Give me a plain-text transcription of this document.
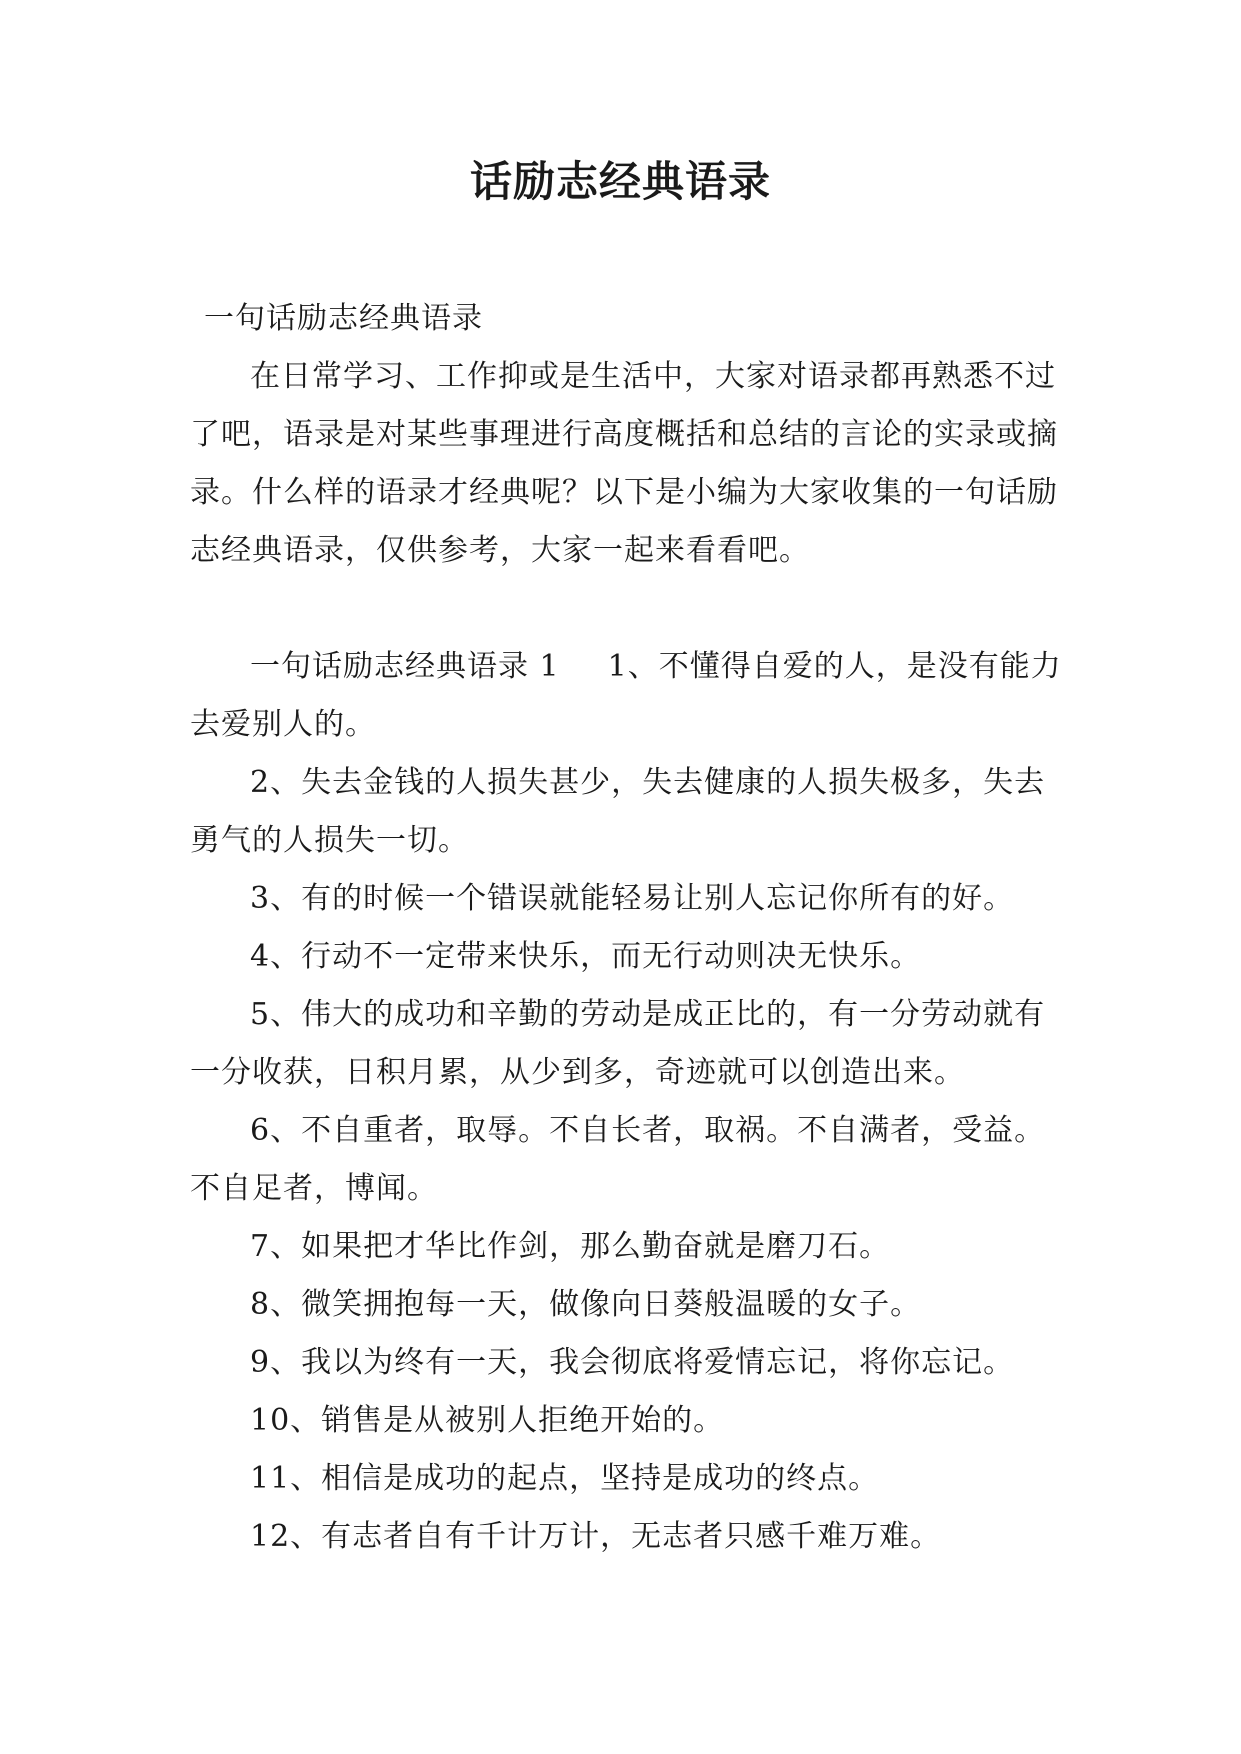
话励志经典语录

一句话励志经典语录

在日常学习、工作抑或是生活中，大家对语录都再熟悉不过了吧，语录是对某些事理进行高度概括和总结的言论的实录或摘录。什么样的语录才经典呢？以下是小编为大家收集的一句话励志经典语录，仅供参考，大家一起来看看吧。

一句话励志经典语录 1 1、不懂得自爱的人，是没有能力去爱别人的。

2、失去金钱的人损失甚少，失去健康的人损失极多，失去勇气的人损失一切。

3、有的时候一个错误就能轻易让别人忘记你所有的好。

4、行动不一定带来快乐，而无行动则决无快乐。

5、伟大的成功和辛勤的劳动是成正比的，有一分劳动就有一分收获，日积月累，从少到多，奇迹就可以创造出来。

6、不自重者，取辱。不自长者，取祸。不自满者，受益。不自足者，博闻。

7、如果把才华比作剑，那么勤奋就是磨刀石。

8、微笑拥抱每一天，做像向日葵般温暖的女子。

9、我以为终有一天，我会彻底将爱情忘记，将你忘记。

10、销售是从被别人拒绝开始的。

11、相信是成功的起点，坚持是成功的终点。

12、有志者自有千计万计，无志者只感千难万难。
